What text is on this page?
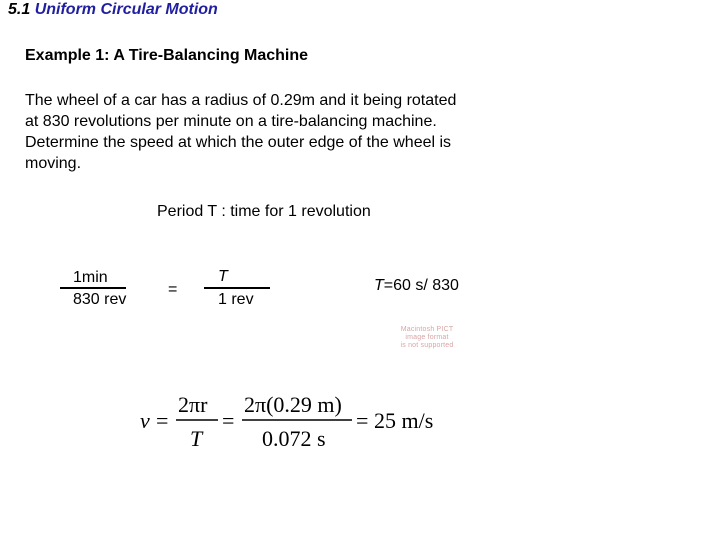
5.1 Uniform Circular Motion
Example 1: A Tire-Balancing Machine
The wheel of a car has a radius of 0.29m and it being rotated
at 830 revolutions per minute on a tire-balancing machine.
Determine the speed at which the outer edge of the wheel is
moving.
Period T : time for 1 revolution
1min
830 rev
=
T
1 rev
T=60 s/ 830
Macintosh PICT
image format
is not supported
v =
2πr
T
=
2π(0.29 m)
0.072 s
= 25 m/s
